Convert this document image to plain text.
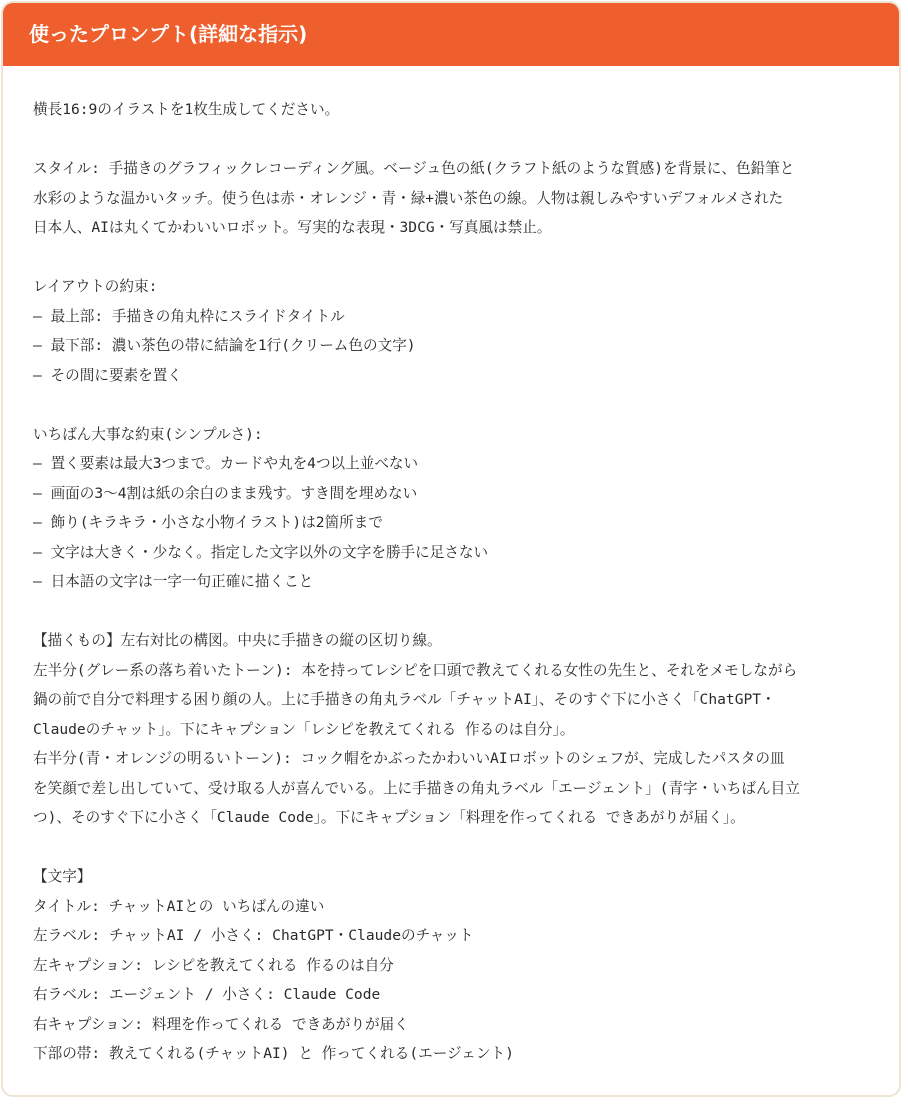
使ったプロンプト(詳細な指示)
横長16:9のイラストを1枚生成してください。
スタイル: 手描きのグラフィックレコーディング風。ベージュ色の紙(クラフト紙のような質感)を背景に、色鉛筆と
水彩のような温かいタッチ。使う色は赤・オレンジ・青・緑+濃い茶色の線。人物は親しみやすいデフォルメされた
日本人、AIは丸くてかわいいロボット。写実的な表現・3DCG・写真風は禁止。
レイアウトの約束:
– 最上部: 手描きの角丸枠にスライドタイトル
– 最下部: 濃い茶色の帯に結論を1行(クリーム色の文字)
– その間に要素を置く
いちばん大事な約束(シンプルさ):
– 置く要素は最大3つまで。カードや丸を4つ以上並べない
– 画面の3〜4割は紙の余白のまま残す。すき間を埋めない
– 飾り(キラキラ・小さな小物イラスト)は2箇所まで
– 文字は大きく・少なく。指定した文字以外の文字を勝手に足さない
– 日本語の文字は一字一句正確に描くこと
【描くもの】左右対比の構図。中央に手描きの縦の区切り線。
左半分(グレー系の落ち着いたトーン): 本を持ってレシピを口頭で教えてくれる女性の先生と、それをメモしながら
鍋の前で自分で料理する困り顔の人。上に手描きの角丸ラベル「チャットAI」、そのすぐ下に小さく「ChatGPT・
Claudeのチャット」。下にキャプション「レシピを教えてくれる 作るのは自分」。
右半分(青・オレンジの明るいトーン): コック帽をかぶったかわいいAIロボットのシェフが、完成したパスタの皿
を笑顔で差し出していて、受け取る人が喜んでいる。上に手描きの角丸ラベル「エージェント」(青字・いちばん目立
つ)、そのすぐ下に小さく「Claude Code」。下にキャプション「料理を作ってくれる できあがりが届く」。
【文字】
タイトル: チャットAIとの いちばんの違い
左ラベル: チャットAI / 小さく: ChatGPT・Claudeのチャット
左キャプション: レシピを教えてくれる 作るのは自分
右ラベル: エージェント / 小さく: Claude Code
右キャプション: 料理を作ってくれる できあがりが届く
下部の帯: 教えてくれる(チャットAI) と 作ってくれる(エージェント)
